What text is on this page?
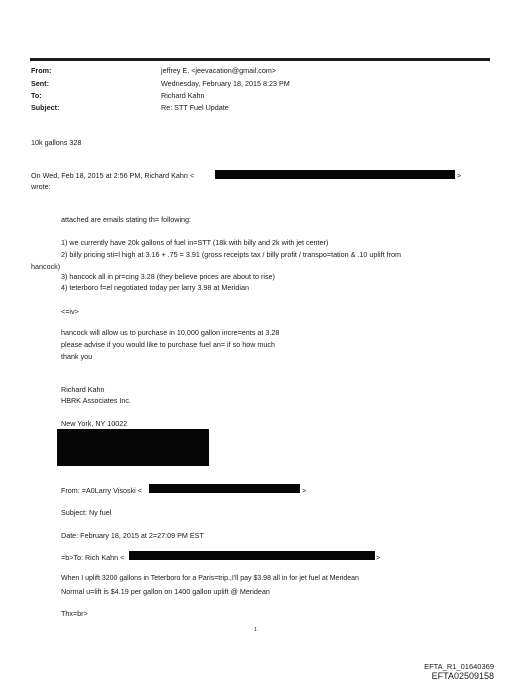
From:	jeffrey E. <jeevacation@gmail.com>
Sent:	Wednesday, February 18, 2015 8:23 PM
To:	Richard Kahn
Subject:	Re: STT Fuel Update
10k gallons 328
On Wed, Feb 18, 2015 at 2:56 PM, Richard Kahn <	>
wrote:
attached are emails stating th= following:
1) we currently have 20k gallons of fuel in=STT (18k with billy and 2k with jet center)
2) billy pricing sti=l high at 3.16 + .75 = 3.91 (gross receipts tax / billy profit / transpo=tation & .10 uplift from
hancock)
3) hancock all in pr=cing 3.28 (they believe prices are about to rise)
4) teterboro f=el negotiated today per larry 3.98 at Meridian
<=iv>
hancock will allow us to purchase in 10,000 gallon incre=ents at 3.28
please advise if you would like to purchase fuel an= if so how much
thank you
Richard Kahn
HBRK Associates Inc.
New York, NY 10022
From: =A0Larry Visoski <	>
Subject: Ny fuel
Date: February 18, 2015 at 2=27:09 PM EST
=b>To: Rich Kahn <	>
When I uplift 3200 gallons in Teterboro for a Paris=trip.,I'll pay $3.98 all in for jet fuel at Meridean
Normal u=lift is $4.19 per gallon on 1400 gallon uplift @ Meridean
Thx=br>
1
EFTA_R1_01640369
EFTA02509158
